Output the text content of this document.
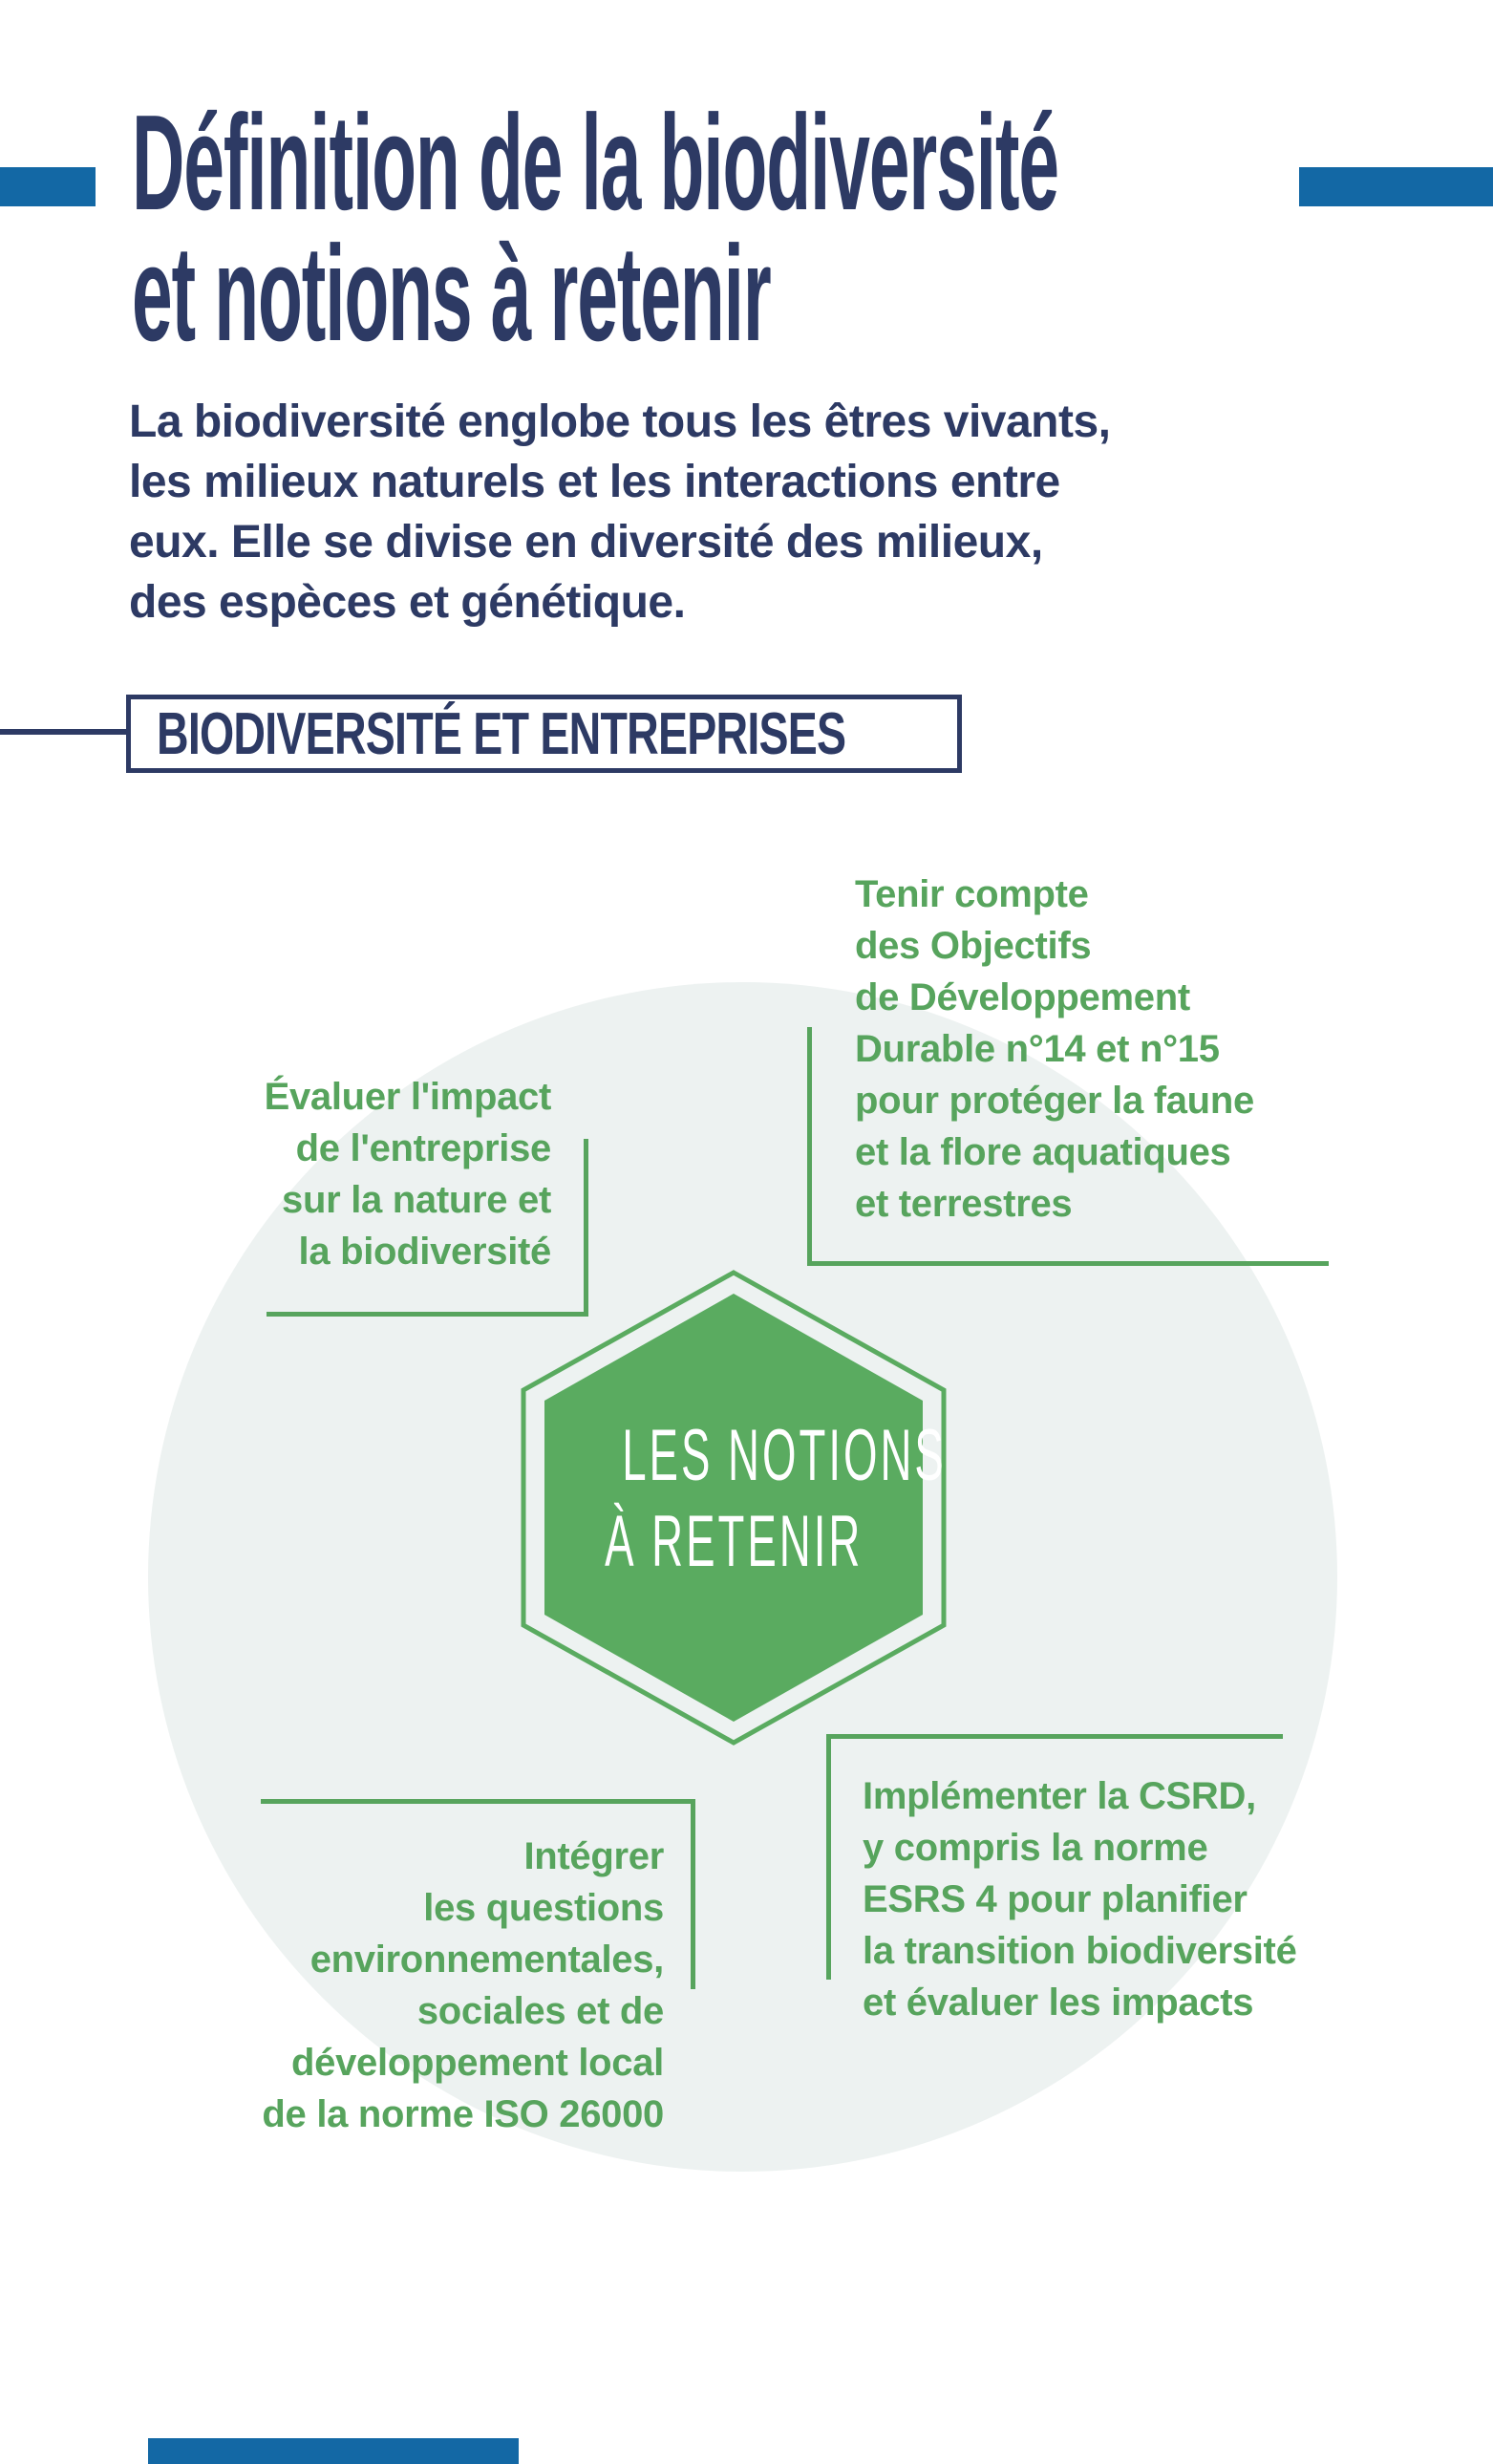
Définition de la biodiversité
et notions à retenir
La biodiversité englobe tous les êtres vivants,
les milieux naturels et les interactions entre
eux. Elle se divise en diversité des milieux,
des espèces et génétique.
BIODIVERSITÉ ET ENTREPRISES
Tenir compte
des Objectifs
de Développement
Durable n°14 et n°15
pour protéger la faune
et la flore aquatiques
et terrestres
Évaluer l'impact
de l'entreprise
sur la nature et
la biodiversité
LES NOTIONS
À RETENIR
Intégrer
les questions
environnementales,
sociales et de
développement local
de la norme ISO 26000
Implémenter la CSRD,
y compris la norme
ESRS 4 pour planifier
la transition biodiversité
et évaluer les impacts
